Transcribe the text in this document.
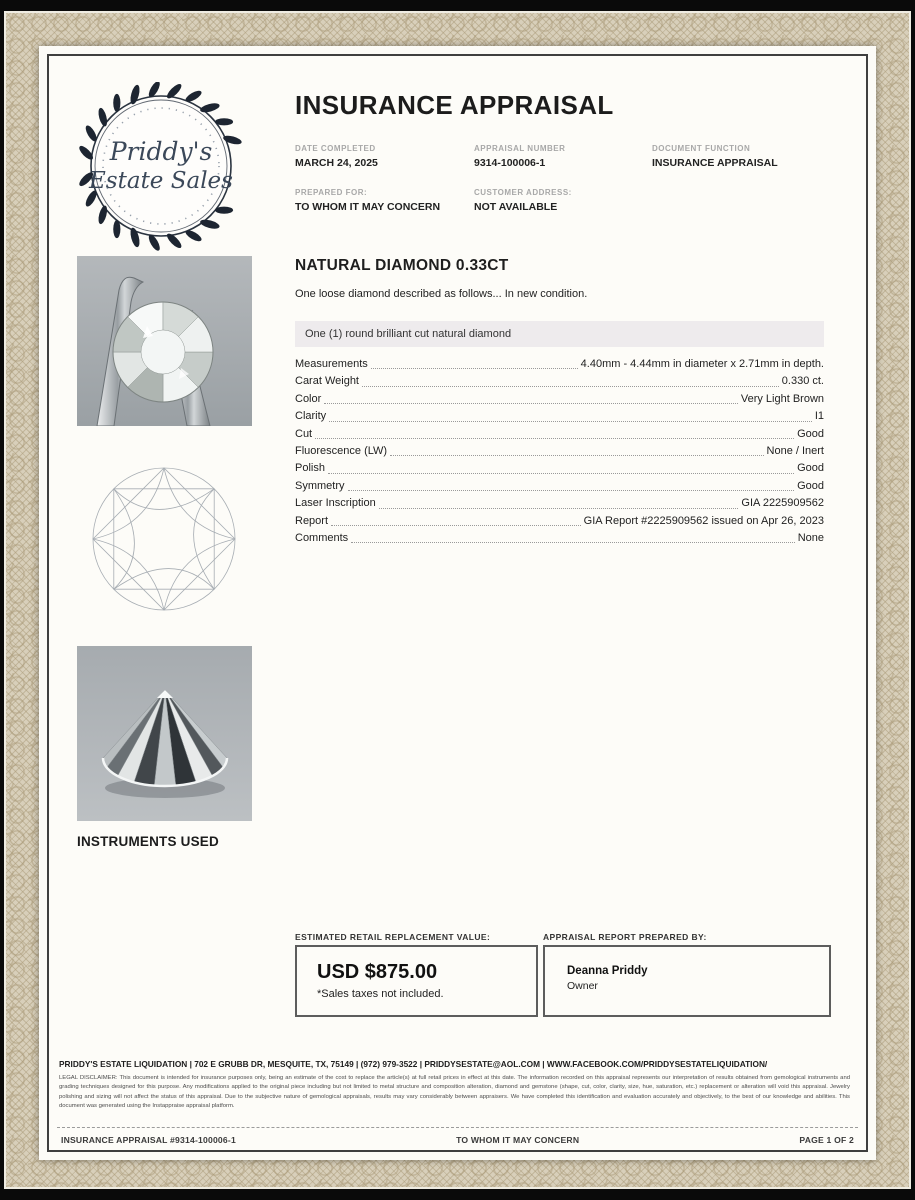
Priddy's
Estate Sales
INSURANCE APPRAISAL
DATE COMPLETED
MARCH 24, 2025
APPRAISAL NUMBER
9314-100006-1
DOCUMENT FUNCTION
INSURANCE APPRAISAL
PREPARED FOR:
TO WHOM IT MAY CONCERN
CUSTOMER ADDRESS:
NOT AVAILABLE
NATURAL DIAMOND 0.33CT
One loose diamond described as follows... In new condition.
One (1) round brilliant cut natural diamond
Measurements	4.40mm - 4.44mm in diameter x 2.71mm in depth.
Carat Weight	0.330 ct.
Color	Very Light Brown
Clarity	I1
Cut	Good
Fluorescence (LW)	None / Inert
Polish	Good
Symmetry	Good
Laser Inscription	GIA 2225909562
Report	GIA Report #2225909562 issued on Apr 26, 2023
Comments	None
INSTRUMENTS USED
ESTIMATED RETAIL REPLACEMENT VALUE:	APPRAISAL REPORT PREPARED BY:
USD $875.00
*Sales taxes not included.
Deanna Priddy
Owner
PRIDDY'S ESTATE LIQUIDATION | 702 E GRUBB DR, MESQUITE, TX, 75149 | (972) 979-3522 | PRIDDYSESTATE@AOL.COM | WWW.FACEBOOK.COM/PRIDDYSESTATELIQUIDATION/
LEGAL DISCLAIMER: This document is intended for insurance purposes only, being an estimate of the cost to replace the article(s) at full retail prices in effect at this date. The information recorded on this appraisal represents our interpretation of results obtained from gemological instruments and grading techniques designed for this purpose. Any modifications applied to the original piece including but not limited to metal structure and composition alteration, diamond and gemstone (shape, cut, color, clarity, size, hue, saturation, etc.) replacement or alteration will void this appraisal. Jewelry polishing and sizing will not affect the status of this appraisal. Due to the subjective nature of gemological appraisals, results may vary considerably between appraisers. We have completed this identification and evaluation accurately and objectively, to the best of our knowledge and abilities. This document was generated using the Instappraise appraisal platform.
INSURANCE APPRAISAL #9314-100006-1	TO WHOM IT MAY CONCERN	PAGE 1 OF 2
